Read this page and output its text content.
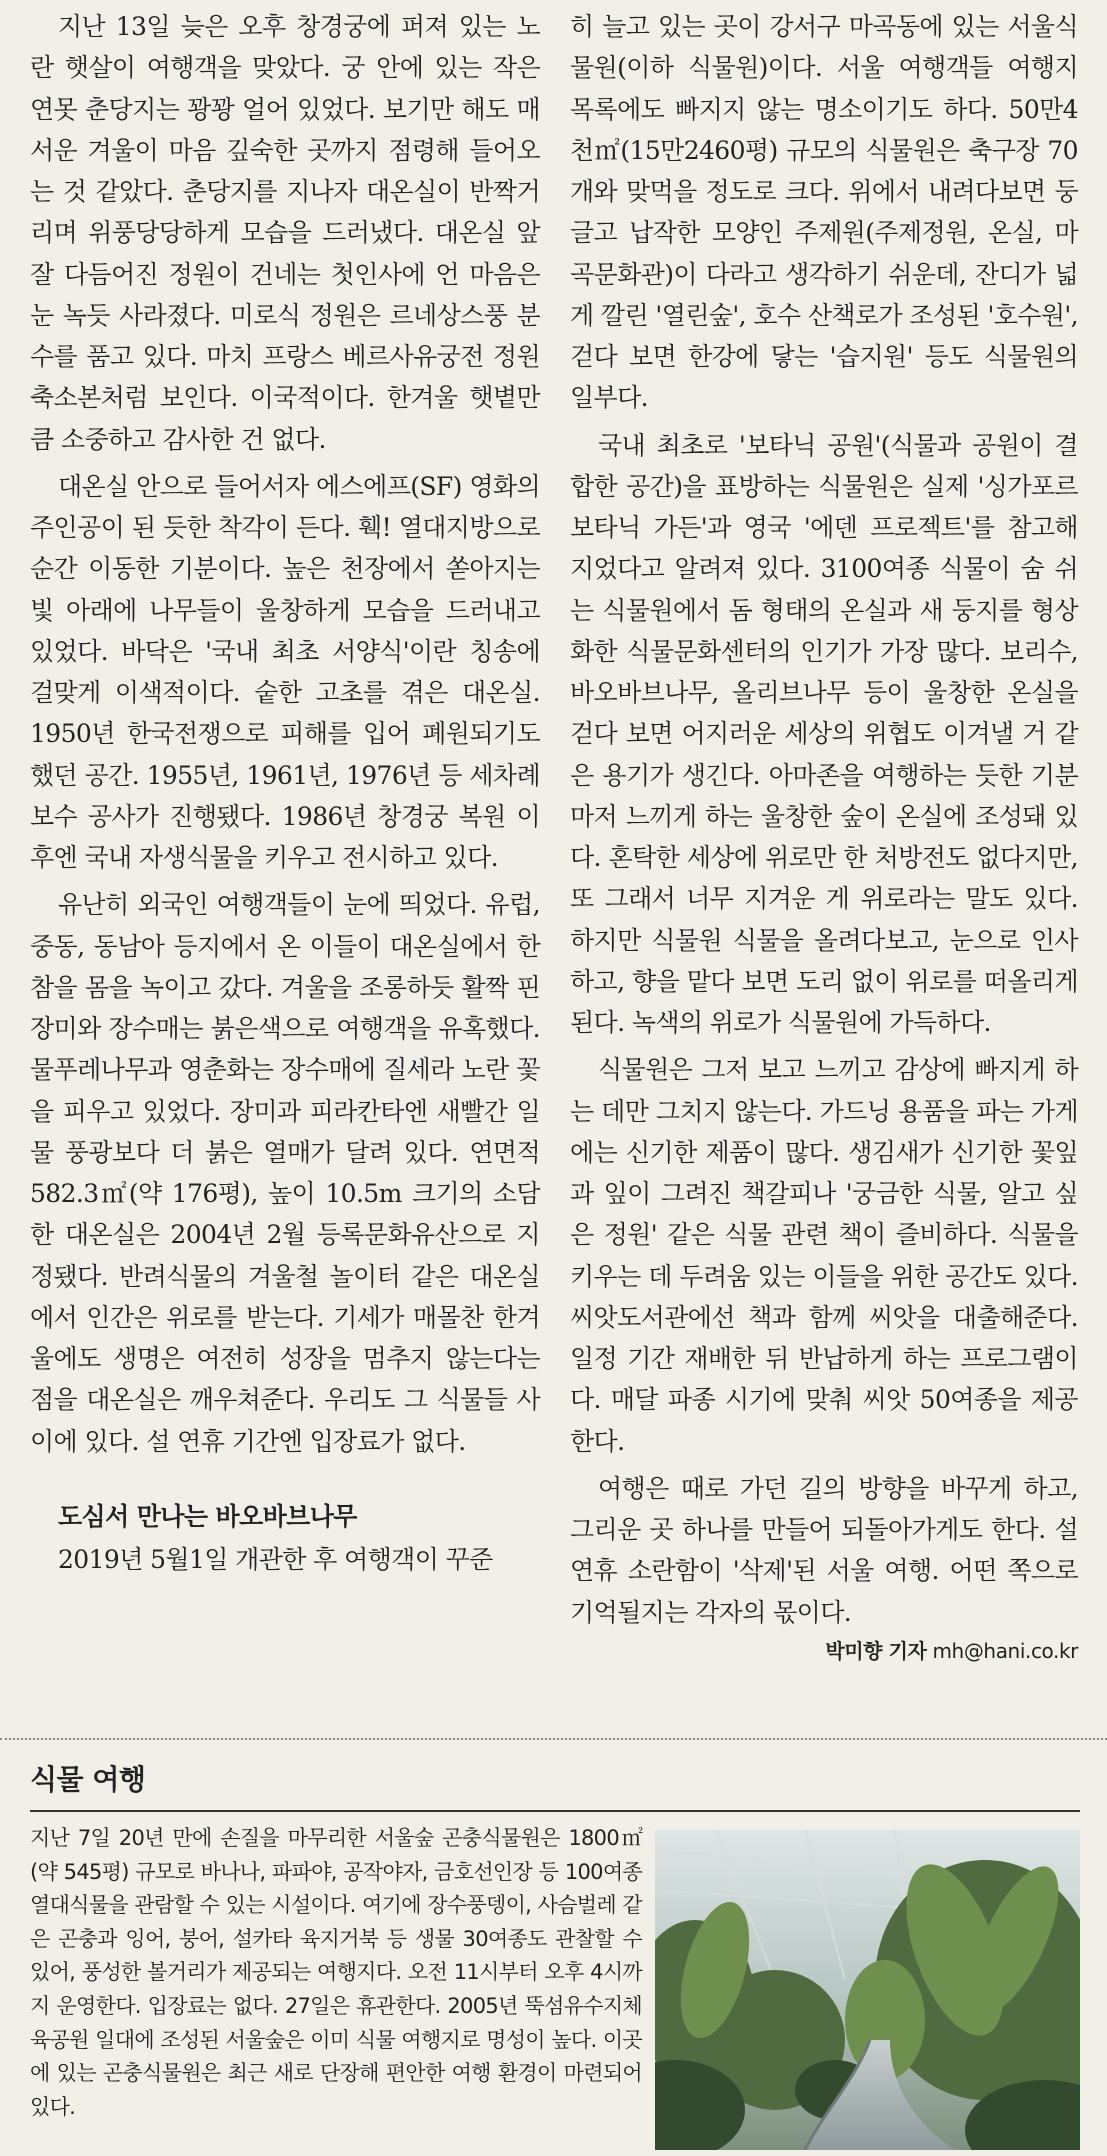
지난 13일 늦은 오후 창경궁에 퍼져 있는 노란 햇살이 여행객을 맞았다. 궁 안에 있는 작은 연못 춘당지는 꽝꽝 얼어 있었다. 보기만 해도 매서운 겨울이 마음 깊숙한 곳까지 점령해 들어오는 것 같았다. 춘당지를 지나자 대온실이 반짝거리며 위풍당당하게 모습을 드러냈다. 대온실 앞 잘 다듬어진 정원이 건네는 첫인사에 언 마음은 눈 녹듯 사라졌다. 미로식 정원은 르네상스풍 분수를 품고 있다. 마치 프랑스 베르사유궁전 정원 축소본처럼 보인다. 이국적이다. 한겨울 햇볕만큼 소중하고 감사한 건 없다.

대온실 안으로 들어서자 에스에프(SF) 영화의 주인공이 된 듯한 착각이 든다. 훽! 열대지방으로 순간 이동한 기분이다. 높은 천장에서 쏟아지는 빛 아래에 나무들이 울창하게 모습을 드러내고 있었다. 바닥은 '국내 최초 서양식'이란 칭송에 걸맞게 이색적이다. 숱한 고초를 겪은 대온실. 1950년 한국전쟁으로 피해를 입어 폐원되기도 했던 공간. 1955년, 1961년, 1976년 등 세차례 보수 공사가 진행됐다. 1986년 창경궁 복원 이후엔 국내 자생식물을 키우고 전시하고 있다.

유난히 외국인 여행객들이 눈에 띄었다. 유럽, 중동, 동남아 등지에서 온 이들이 대온실에서 한참을 몸을 녹이고 갔다. 겨울을 조롱하듯 활짝 핀 장미와 장수매는 붉은색으로 여행객을 유혹했다. 물푸레나무과 영춘화는 장수매에 질세라 노란 꽃을 피우고 있었다. 장미과 피라칸타엔 새빨간 일물 풍광보다 더 붉은 열매가 달려 있다. 연면적 582.3㎡(약 176평), 높이 10.5m 크기의 소담한 대온실은 2004년 2월 등록문화유산으로 지정됐다. 반려식물의 겨울철 놀이터 같은 대온실에서 인간은 위로를 받는다. 기세가 매몰찬 한겨울에도 생명은 여전히 성장을 멈추지 않는다는 점을 대온실은 깨우쳐준다. 우리도 그 식물들 사이에 있다. 설 연휴 기간엔 입장료가 없다.

도심서 만나는 바오바브나무

2019년 5월1일 개관한 후 여행객이 꾸준

히 늘고 있는 곳이 강서구 마곡동에 있는 서울식물원(이하 식물원)이다. 서울 여행객들 여행지 목록에도 빠지지 않는 명소이기도 하다. 50만4천㎡(15만2460평) 규모의 식물원은 축구장 70개와 맞먹을 정도로 크다. 위에서 내려다보면 둥글고 납작한 모양인 주제원(주제정원, 온실, 마곡문화관)이 다라고 생각하기 쉬운데, 잔디가 넓게 깔린 '열린숲', 호수 산책로가 조성된 '호수원', 걷다 보면 한강에 닿는 '습지원' 등도 식물원의 일부다.

국내 최초로 '보타닉 공원'(식물과 공원이 결합한 공간)을 표방하는 식물원은 실제 '싱가포르 보타닉 가든'과 영국 '에덴 프로젝트'를 참고해 지었다고 알려져 있다. 3100여종 식물이 숨 쉬는 식물원에서 돔 형태의 온실과 새 둥지를 형상화한 식물문화센터의 인기가 가장 많다. 보리수, 바오바브나무, 올리브나무 등이 울창한 온실을 걷다 보면 어지러운 세상의 위협도 이겨낼 거 같은 용기가 생긴다. 아마존을 여행하는 듯한 기분마저 느끼게 하는 울창한 숲이 온실에 조성돼 있다. 혼탁한 세상에 위로만 한 처방전도 없다지만, 또 그래서 너무 지겨운 게 위로라는 말도 있다. 하지만 식물원 식물을 올려다보고, 눈으로 인사하고, 향을 맡다 보면 도리 없이 위로를 떠올리게 된다. 녹색의 위로가 식물원에 가득하다.

식물원은 그저 보고 느끼고 감상에 빠지게 하는 데만 그치지 않는다. 가드닝 용품을 파는 가게에는 신기한 제품이 많다. 생김새가 신기한 꽃잎과 잎이 그려진 책갈피나 '궁금한 식물, 알고 싶은 정원' 같은 식물 관련 책이 즐비하다. 식물을 키우는 데 두려움 있는 이들을 위한 공간도 있다. 씨앗도서관에선 책과 함께 씨앗을 대출해준다. 일정 기간 재배한 뒤 반납하게 하는 프로그램이다. 매달 파종 시기에 맞춰 씨앗 50여종을 제공한다.

여행은 때로 가던 길의 방향을 바꾸게 하고, 그리운 곳 하나를 만들어 되돌아가게도 한다. 설 연휴 소란함이 '삭제'된 서울 여행. 어떤 쪽으로 기억될지는 각자의 몫이다.

박미향 기자 mh@hani.co.kr
식물 여행
지난 7일 20년 만에 손질을 마무리한 서울숲 곤충식물원은 1800㎡(약 545평) 규모로 바나나, 파파야, 공작야자, 금호선인장 등 100여종 열대식물을 관람할 수 있는 시설이다. 여기에 장수풍뎅이, 사슴벌레 같은 곤충과 잉어, 붕어, 설카타 육지거북 등 생물 30여종도 관찰할 수 있어, 풍성한 볼거리가 제공되는 여행지다. 오전 11시부터 오후 4시까지 운영한다. 입장료는 없다. 27일은 휴관한다. 2005년 뚝섬유수지체육공원 일대에 조성된 서울숲은 이미 식물 여행지로 명성이 높다. 이곳에 있는 곤충식물원은 최근 새로 단장해 편안한 여행 환경이 마련되어 있다.
